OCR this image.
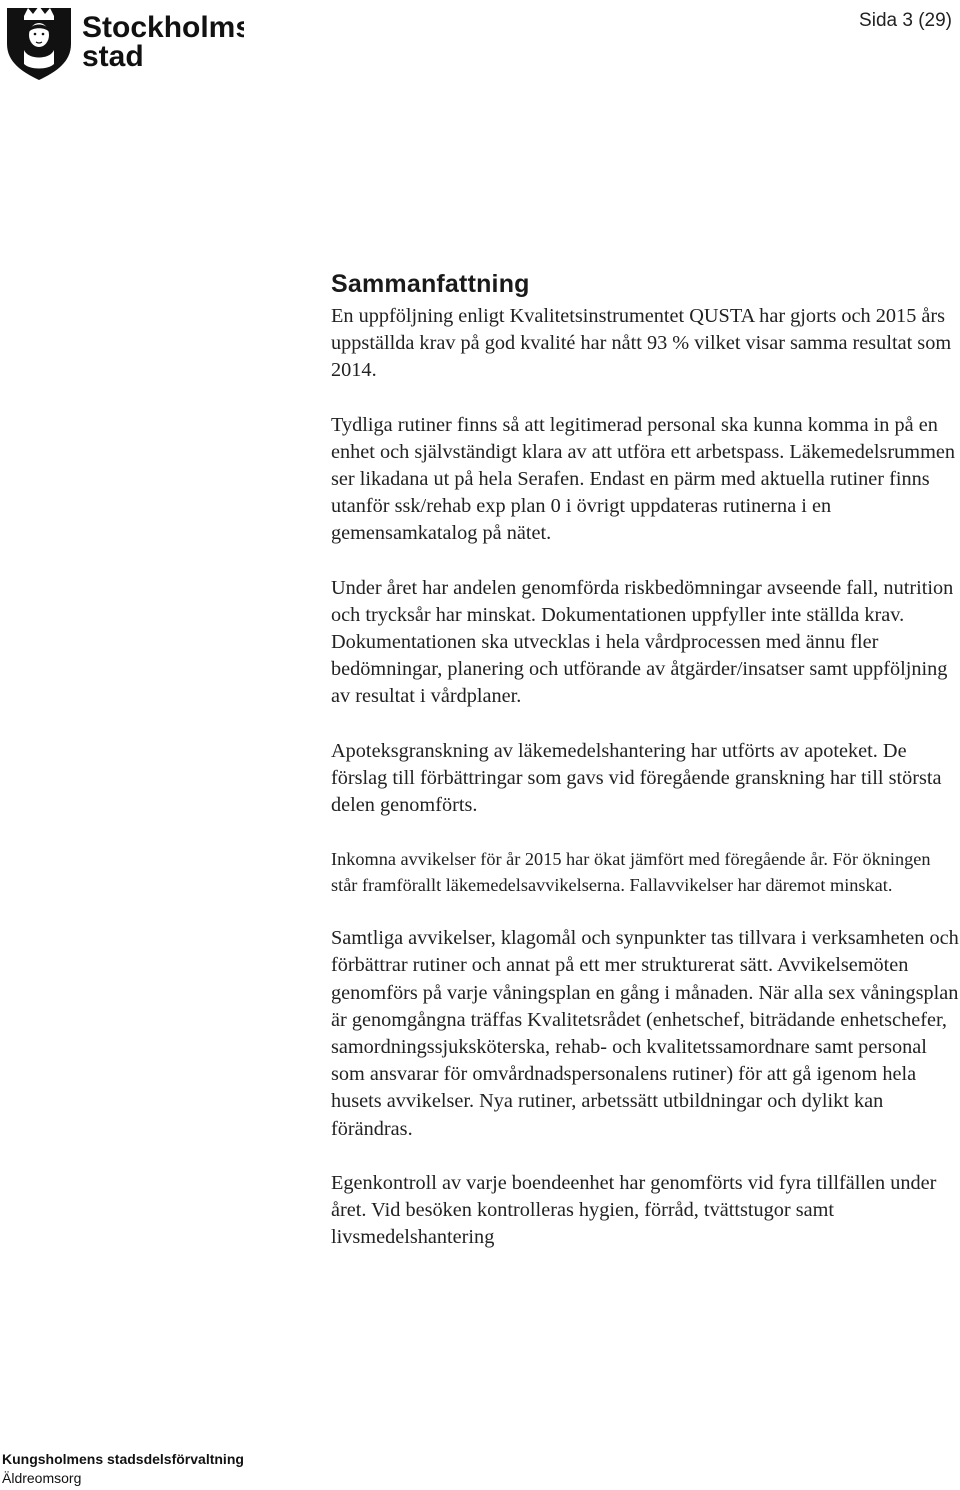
Stockholms
stad
Sida 3 (29)
Sammanfattning

En uppföljning enligt Kvalitetsinstrumentet QUSTA har gjorts och 2015 års uppställda krav på god kvalité har nått 93 % vilket visar samma resultat som 2014.

Tydliga rutiner finns så att legitimerad personal ska kunna komma in på en enhet och självständigt klara av att utföra ett arbetspass. Läkemedelsrummen ser likadana ut på hela Serafen. Endast en pärm med aktuella rutiner finns utanför ssk/rehab exp plan 0 i övrigt uppdateras rutinerna i en gemensamkatalog på nätet.

Under året har andelen genomförda riskbedömningar avseende fall, nutrition och trycksår har minskat. Dokumentationen uppfyller inte ställda krav. Dokumentationen ska utvecklas i hela vårdprocessen med ännu fler bedömningar, planering och utförande av åtgärder/insatser samt uppföljning av resultat i vårdplaner.

Apoteksgranskning av läkemedelshantering har utförts av apoteket. De förslag till förbättringar som gavs vid föregående granskning har till största delen genomförts.

Inkomna avvikelser för år 2015 har ökat jämfört med föregående år. För ökningen står framförallt läkemedelsavvikelserna. Fallavvikelser har däremot minskat.

Samtliga avvikelser, klagomål och synpunkter tas tillvara i verksamheten och förbättrar rutiner och annat på ett mer strukturerat sätt. Avvikelsemöten genomförs på varje våningsplan en gång i månaden. När alla sex våningsplan är genomgångna träffas Kvalitetsrådet (enhetschef, biträdande enhetschefer, samordningssjuksköterska, rehab- och kvalitetssamordnare samt personal som ansvarar för omvårdnadspersonalens rutiner) för att gå igenom hela husets avvikelser. Nya rutiner, arbetssätt utbildningar och dylikt kan förändras.

Egenkontroll av varje boendeenhet har genomförts vid fyra tillfällen under året. Vid besöken kontrolleras hygien, förråd, tvättstugor samt livsmedelshantering

Kungsholmens stadsdelsförvaltning
Äldreomsorg
